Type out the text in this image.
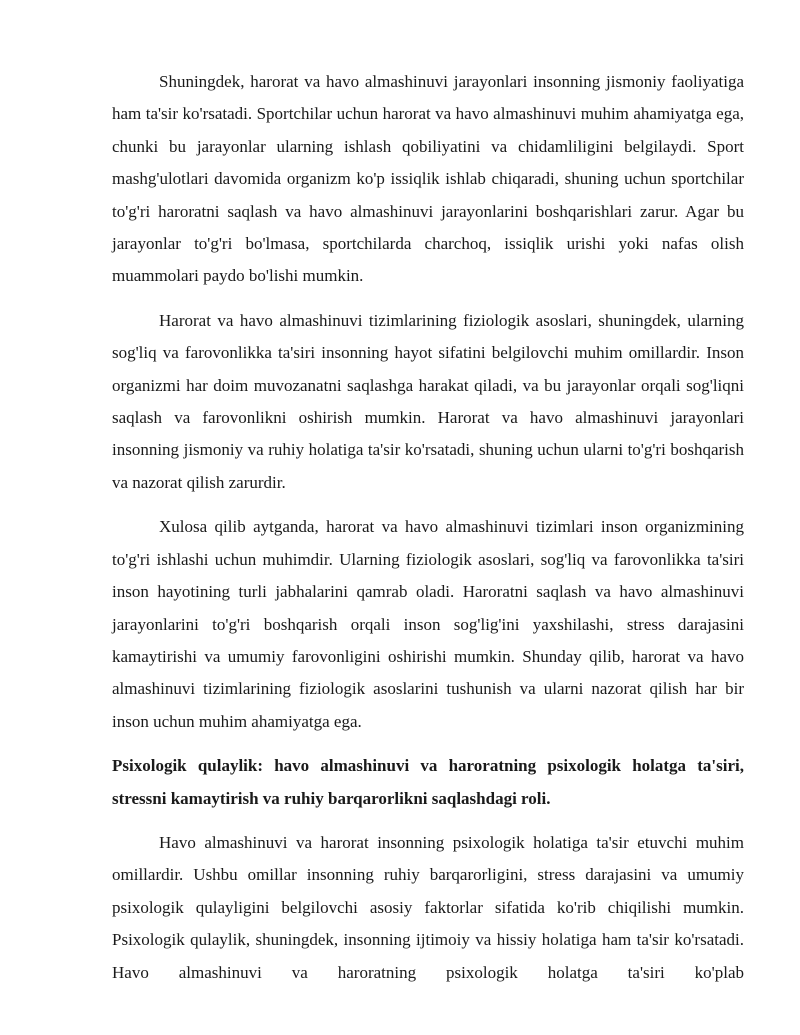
Shuningdek, harorat va havo almashinuvi jarayonlari insonning jismoniy faoliyatiga ham ta'sir ko'rsatadi. Sportchilar uchun harorat va havo almashinuvi muhim ahamiyatga ega, chunki bu jarayonlar ularning ishlash qobiliyatini va chidamliligini belgilaydi. Sport mashg'ulotlari davomida organizm ko'p issiqlik ishlab chiqaradi, shuning uchun sportchilar to'g'ri haroratni saqlash va havo almashinuvi jarayonlarini boshqarishlari zarur. Agar bu jarayonlar to'g'ri bo'lmasa, sportchilarda charchoq, issiqlik urishi yoki nafas olish muammolari paydo bo'lishi mumkin.

Harorat va havo almashinuvi tizimlarining fiziologik asoslari, shuningdek, ularning sog'liq va farovonlikka ta'siri insonning hayot sifatini belgilovchi muhim omillardir. Inson organizmi har doim muvozanatni saqlashga harakat qiladi, va bu jarayonlar orqali sog'liqni saqlash va farovonlikni oshirish mumkin. Harorat va havo almashinuvi jarayonlari insonning jismoniy va ruhiy holatiga ta'sir ko'rsatadi, shuning uchun ularni to'g'ri boshqarish va nazorat qilish zarurdir.

Xulosa qilib aytganda, harorat va havo almashinuvi tizimlari inson organizmining to'g'ri ishlashi uchun muhimdir. Ularning fiziologik asoslari, sog'liq va farovonlikka ta'siri inson hayotining turli jabhalarini qamrab oladi. Haroratni saqlash va havo almashinuvi jarayonlarini to'g'ri boshqarish orqali inson sog'lig'ini yaxshilashi, stress darajasini kamaytirishi va umumiy farovonligini oshirishi mumkin. Shunday qilib, harorat va havo almashinuvi tizimlarining fiziologik asoslarini tushunish va ularni nazorat qilish har bir inson uchun muhim ahamiyatga ega.

Psixologik qulaylik: havo almashinuvi va haroratning psixologik holatga ta'siri, stressni kamaytirish va ruhiy barqarorlikni saqlashdagi roli.

Havo almashinuvi va harorat insonning psixologik holatiga ta'sir etuvchi muhim omillardir. Ushbu omillar insonning ruhiy barqarorligini, stress darajasini va umumiy psixologik qulayligini belgilovchi asosiy faktorlar sifatida ko'rib chiqilishi mumkin. Psixologik qulaylik, shuningdek, insonning ijtimoiy va hissiy holatiga ham ta'sir ko'rsatadi. Havo almashinuvi va haroratning psixologik holatga ta'siri ko'plab
